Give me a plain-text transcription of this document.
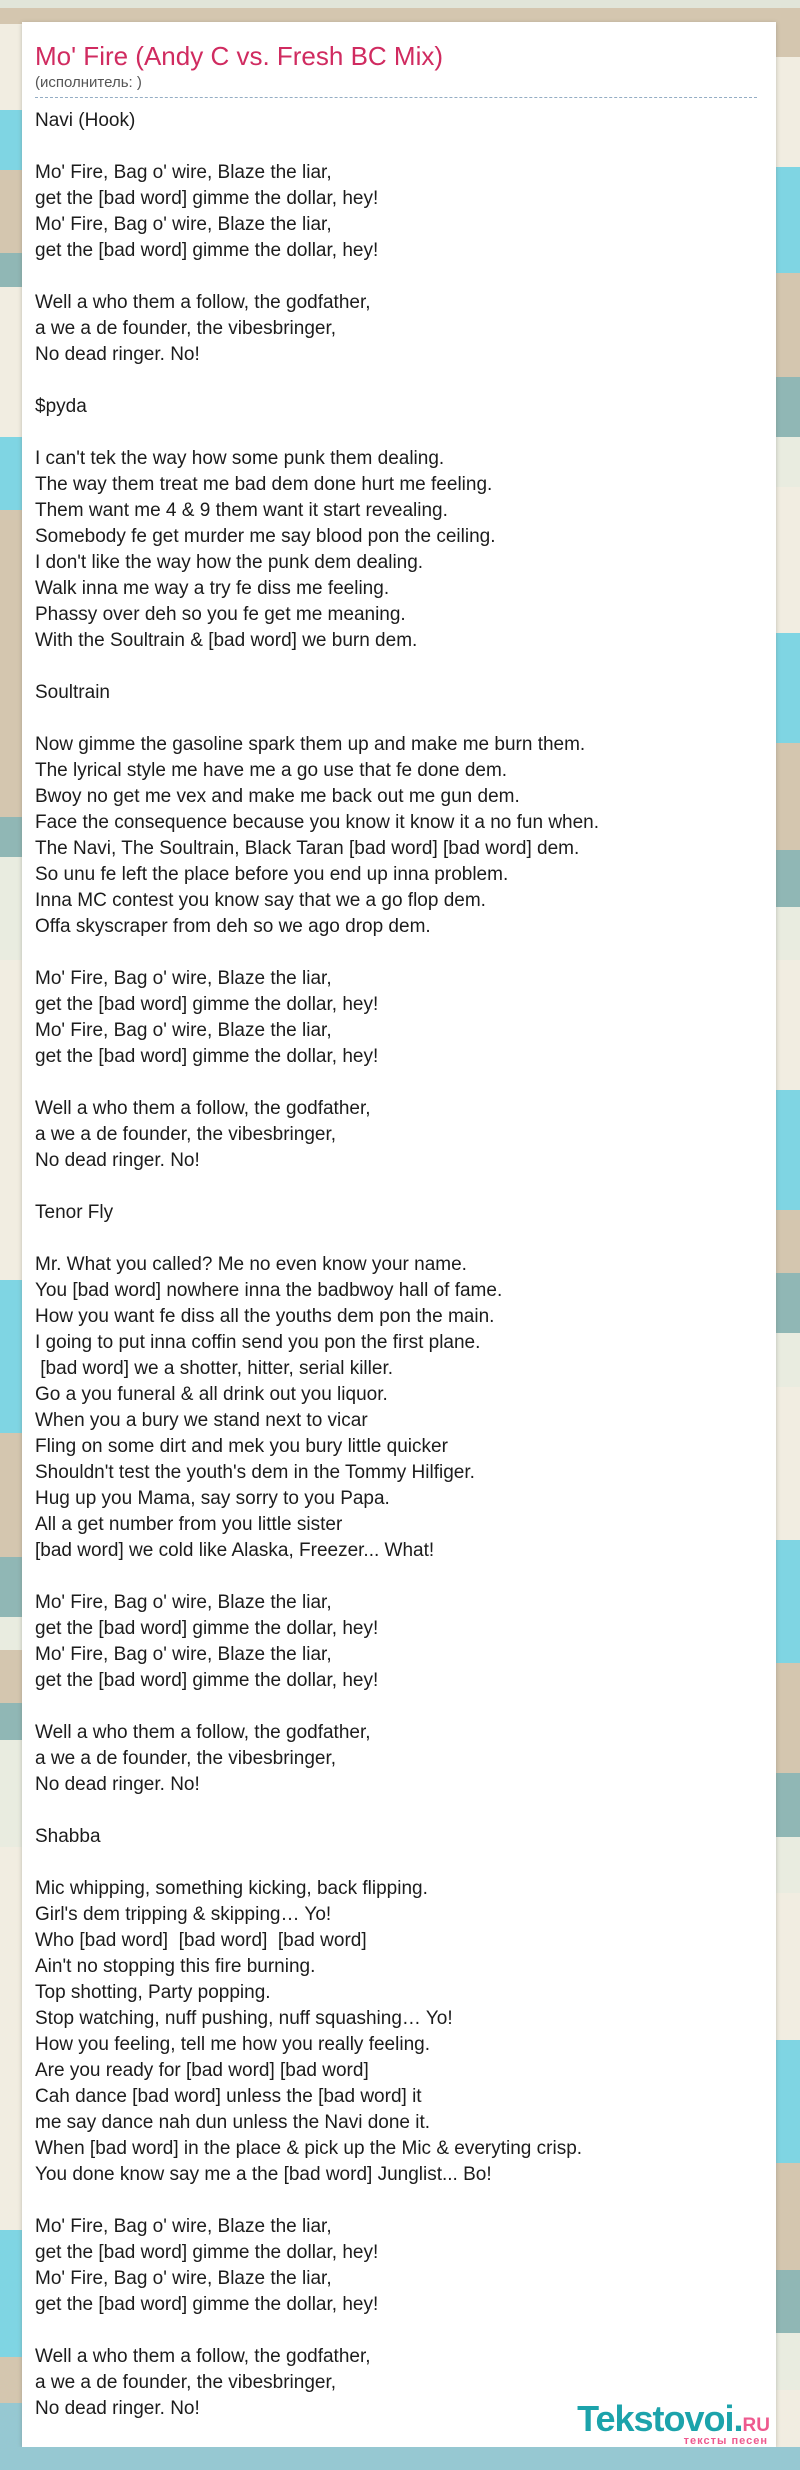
Mo' Fire (Andy C vs. Fresh BC Mix)
(исполнитель: )
Navi (Hook)

Mo' Fire, Bag o' wire, Blaze the liar,
get the [bad word] gimme the dollar, hey!
Mo' Fire, Bag o' wire, Blaze the liar,
get the [bad word] gimme the dollar, hey!

Well a who them a follow, the godfather,
a we a de founder, the vibesbringer,
No dead ringer. No!

$pyda

I can't tek the way how some punk them dealing.
The way them treat me bad dem done hurt me feeling.
Them want me 4 & 9 them want it start revealing.
Somebody fe get murder me say blood pon the ceiling.
I don't like the way how the punk dem dealing.
Walk inna me way a try fe diss me feeling.
Phassy over deh so you fe get me meaning.
With the Soultrain & [bad word] we burn dem.

Soultrain

Now gimme the gasoline spark them up and make me burn them.
The lyrical style me have me a go use that fe done dem.
Bwoy no get me vex and make me back out me gun dem.
Face the consequence because you know it know it a no fun when.
The Navi, The Soultrain, Black Taran [bad word] [bad word] dem.
So unu fe left the place before you end up inna problem.
Inna MC contest you know say that we a go flop dem.
Offa skyscraper from deh so we ago drop dem.

Mo' Fire, Bag o' wire, Blaze the liar,
get the [bad word] gimme the dollar, hey!
Mo' Fire, Bag o' wire, Blaze the liar,
get the [bad word] gimme the dollar, hey!

Well a who them a follow, the godfather,
a we a de founder, the vibesbringer,
No dead ringer. No!

Tenor Fly

Mr. What you called? Me no even know your name.
You [bad word] nowhere inna the badbwoy hall of fame.
How you want fe diss all the youths dem pon the main.
I going to put inna coffin send you pon the first plane.
[bad word] we a shotter, hitter, serial killer.
Go a you funeral & all drink out you liquor.
When you a bury we stand next to vicar
Fling on some dirt and mek you bury little quicker
Shouldn't test the youth's dem in the Tommy Hilfiger.
Hug up you Mama, say sorry to you Papa.
All a get number from you little sister
[bad word] we cold like Alaska, Freezer... What!

Mo' Fire, Bag o' wire, Blaze the liar,
get the [bad word] gimme the dollar, hey!
Mo' Fire, Bag o' wire, Blaze the liar,
get the [bad word] gimme the dollar, hey!

Well a who them a follow, the godfather,
a we a de founder, the vibesbringer,
No dead ringer. No!

Shabba

Mic whipping, something kicking, back flipping.
Girl's dem tripping & skipping… Yo!
Who [bad word]  [bad word]  [bad word]
Ain't no stopping this fire burning.
Top shotting, Party popping.
Stop watching, nuff pushing, nuff squashing… Yo!
How you feeling, tell me how you really feeling.
Are you ready for [bad word] [bad word]
Cah dance [bad word] unless the [bad word] it
me say dance nah dun unless the Navi done it.
When [bad word] in the place & pick up the Mic & everyting crisp.
You done know say me a the [bad word] Junglist... Bo!

Mo' Fire, Bag o' wire, Blaze the liar,
get the [bad word] gimme the dollar, hey!
Mo' Fire, Bag o' wire, Blaze the liar,
get the [bad word] gimme the dollar, hey!

Well a who them a follow, the godfather,
a we a de founder, the vibesbringer,
No dead ringer. No!	Tekstovoi.RU
тексты песен
